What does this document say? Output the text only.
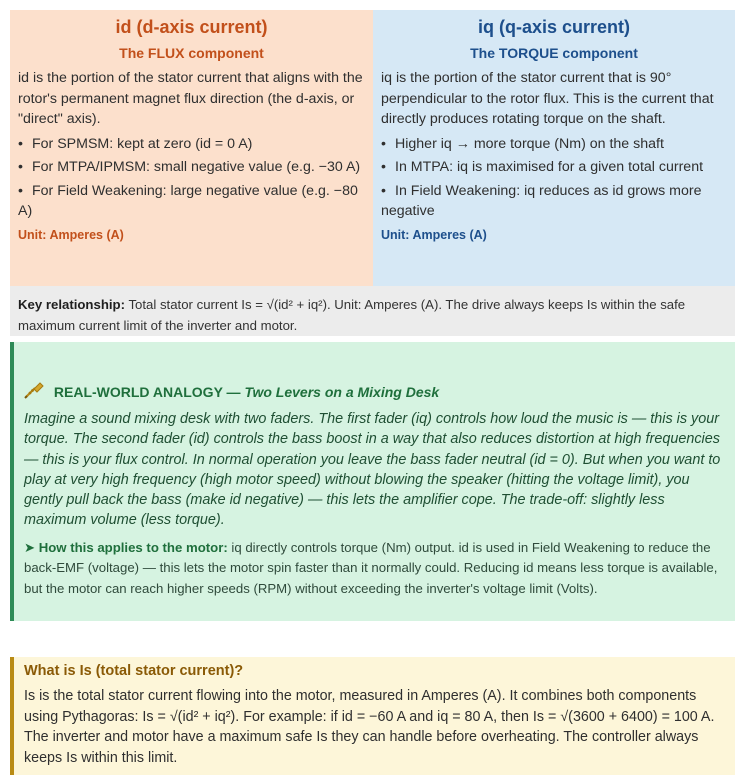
id (d-axis current)
The FLUX component

id is the portion of the stator current that aligns with the rotor's permanent magnet flux direction (the d-axis, or "direct" axis).

• For SPMSM: kept at zero (id = 0 A)
• For MTPA/IPMSM: small negative value (e.g. −30 A)
• For Field Weakening: large negative value (e.g. −80 A)
Unit: Amperes (A)
iq (q-axis current)
The TORQUE component

iq is the portion of the stator current that is 90° perpendicular to the rotor flux. This is the current that directly produces rotating torque on the shaft.

• Higher iq → more torque (Nm) on the shaft
• In MTPA: iq is maximised for a given total current
• In Field Weakening: iq reduces as id grows more negative
Unit: Amperes (A)
Key relationship: Total stator current Is = √(id² + iq²). Unit: Amperes (A). The drive always keeps Is within the safe maximum current limit of the inverter and motor.
REAL-WORLD ANALOGY — Two Levers on a Mixing Desk
Imagine a sound mixing desk with two faders. The first fader (iq) controls how loud the music is — this is your torque. The second fader (id) controls the bass boost in a way that also reduces distortion at high frequencies — this is your flux control. In normal operation you leave the bass fader neutral (id = 0). But when you want to play at very high frequency (high motor speed) without blowing the speaker (hitting the voltage limit), you gently pull back the bass (make id negative) — this lets the amplifier cope. The trade-off: slightly less maximum volume (less torque).
➤ How this applies to the motor: iq directly controls torque (Nm) output. id is used in Field Weakening to reduce the back-EMF (voltage) — this lets the motor spin faster than it normally could. Reducing id means less torque is available, but the motor can reach higher speeds (RPM) without exceeding the inverter's voltage limit (Volts).
What is Is (total stator current)?
Is is the total stator current flowing into the motor, measured in Amperes (A). It combines both components using Pythagoras: Is = √(id² + iq²). For example: if id = −60 A and iq = 80 A, then Is = √(3600 + 6400) = 100 A. The inverter and motor have a maximum safe Is they can handle before overheating. The controller always keeps Is within this limit.
